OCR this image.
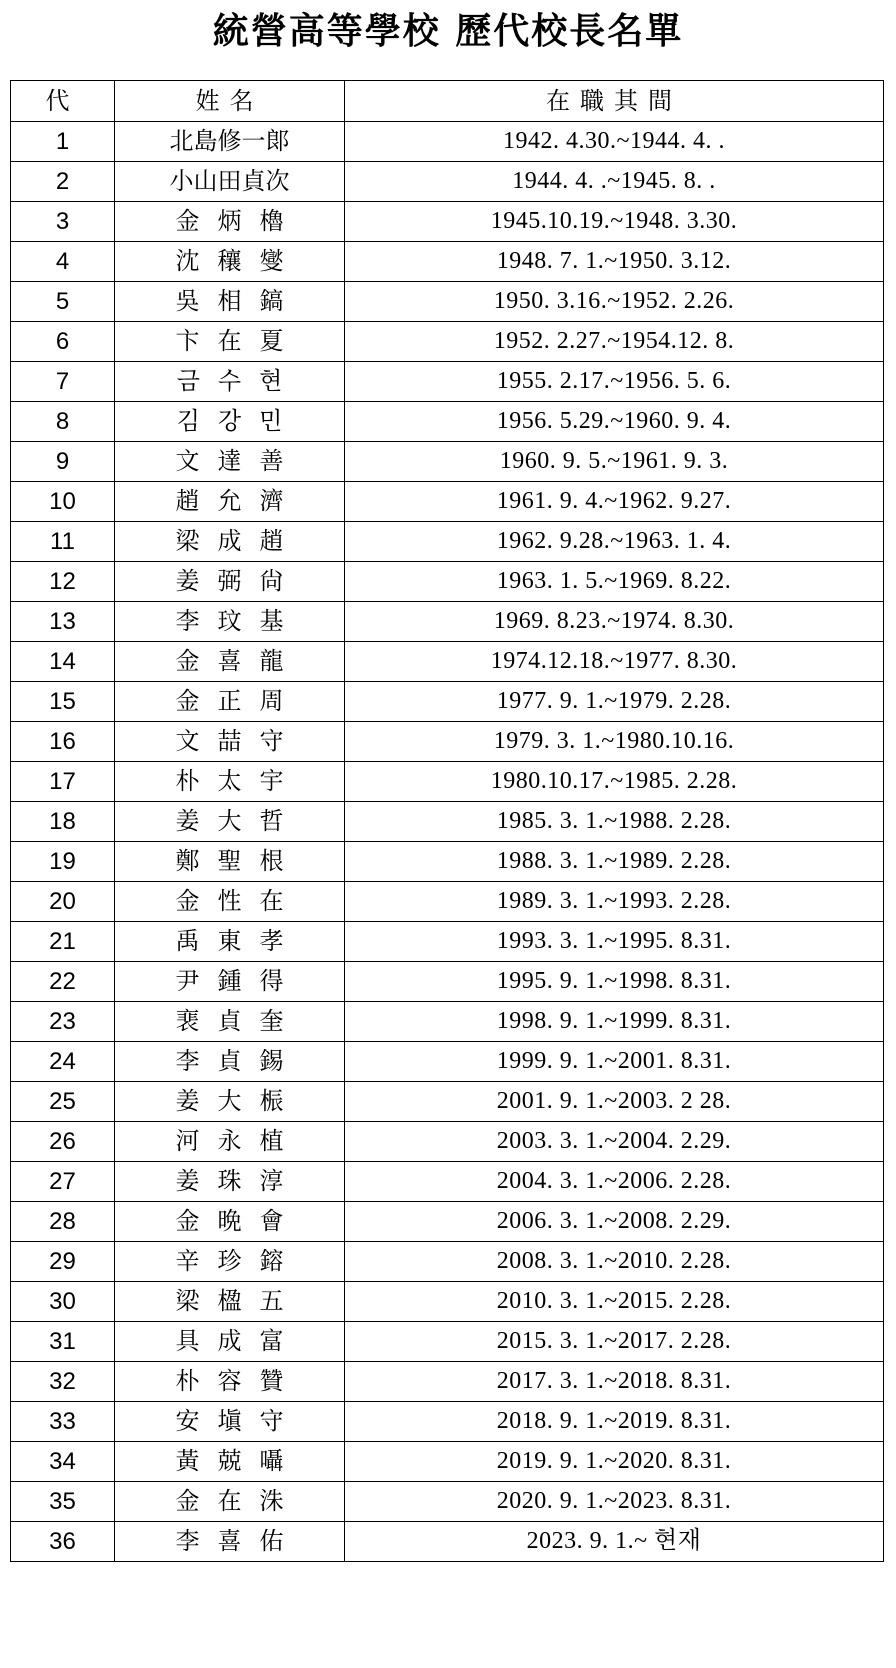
統營高等學校 歷代校長名單
代	姓名	在職其間
1	北島修一郞	1942. 4.30.~1944. 4. .
2	小山田貞次	1944. 4. .~1945. 8. .
3	金炳櫓	1945.10.19.~1948. 3.30.
4	沈穰燮	1948. 7. 1.~1950. 3.12.
5	吳相鎬	1950. 3.16.~1952. 2.26.
6	卞在夏	1952. 2.27.~1954.12. 8.
7	금수현	1955. 2.17.~1956. 5. 6.
8	김강민	1956. 5.29.~1960. 9. 4.
9	文達善	1960. 9. 5.~1961. 9. 3.
10	趙允濟	1961. 9. 4.~1962. 9.27.
11	梁成趙	1962. 9.28.~1963. 1. 4.
12	姜弼尙	1963. 1. 5.~1969. 8.22.
13	李玟基	1969. 8.23.~1974. 8.30.
14	金喜龍	1974.12.18.~1977. 8.30.
15	金正周	1977. 9. 1.~1979. 2.28.
16	文喆守	1979. 3. 1.~1980.10.16.
17	朴太宇	1980.10.17.~1985. 2.28.
18	姜大哲	1985. 3. 1.~1988. 2.28.
19	鄭聖根	1988. 3. 1.~1989. 2.28.
20	金性在	1989. 3. 1.~1993. 2.28.
21	禹東孝	1993. 3. 1.~1995. 8.31.
22	尹鍾得	1995. 9. 1.~1998. 8.31.
23	裵貞奎	1998. 9. 1.~1999. 8.31.
24	李貞錫	1999. 9. 1.~2001. 8.31.
25	姜大桭	2001. 9. 1.~2003. 2 28.
26	河永植	2003. 3. 1.~2004. 2.29.
27	姜珠淳	2004. 3. 1.~2006. 2.28.
28	金晩會	2006. 3. 1.~2008. 2.29.
29	辛珍鎔	2008. 3. 1.~2010. 2.28.
30	梁楹五	2010. 3. 1.~2015. 2.28.
31	具成富	2015. 3. 1.~2017. 2.28.
32	朴容贊	2017. 3. 1.~2018. 8.31.
33	安塡守	2018. 9. 1.~2019. 8.31.
34	黃兢囁	2019. 9. 1.~2020. 8.31.
35	金在洙	2020. 9. 1.~2023. 8.31.
36	李喜佑	2023. 9. 1.~ 현재
